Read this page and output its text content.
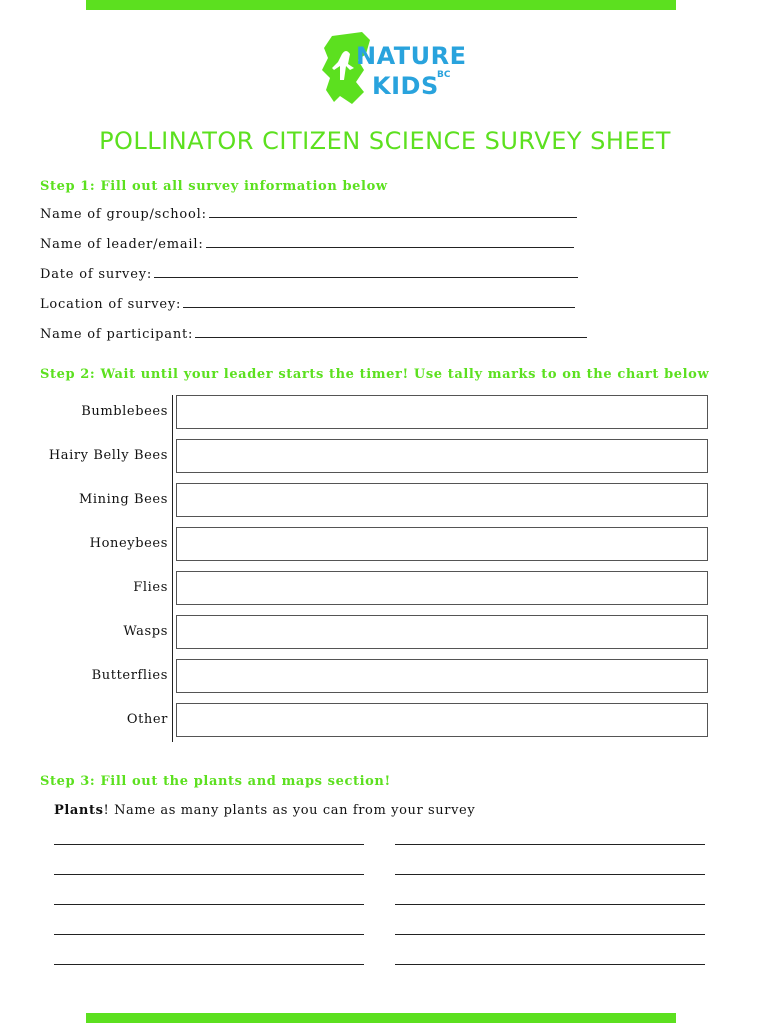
NATURE
KIDS
BC
POLLINATOR CITIZEN SCIENCE SURVEY SHEET
Step 1: Fill out all survey information below
Name of group/school:
Name of leader/email:
Date of survey:
Location of survey:
Name of participant:
Step 2: Wait until your leader starts the timer! Use tally marks to on the chart below
Bumblebees
Hairy Belly Bees
Mining Bees
Honeybees
Flies
Wasps
Butterflies
Other
Step 3: Fill out the plants and maps section!
Plants! Name as many plants as you can from your survey
